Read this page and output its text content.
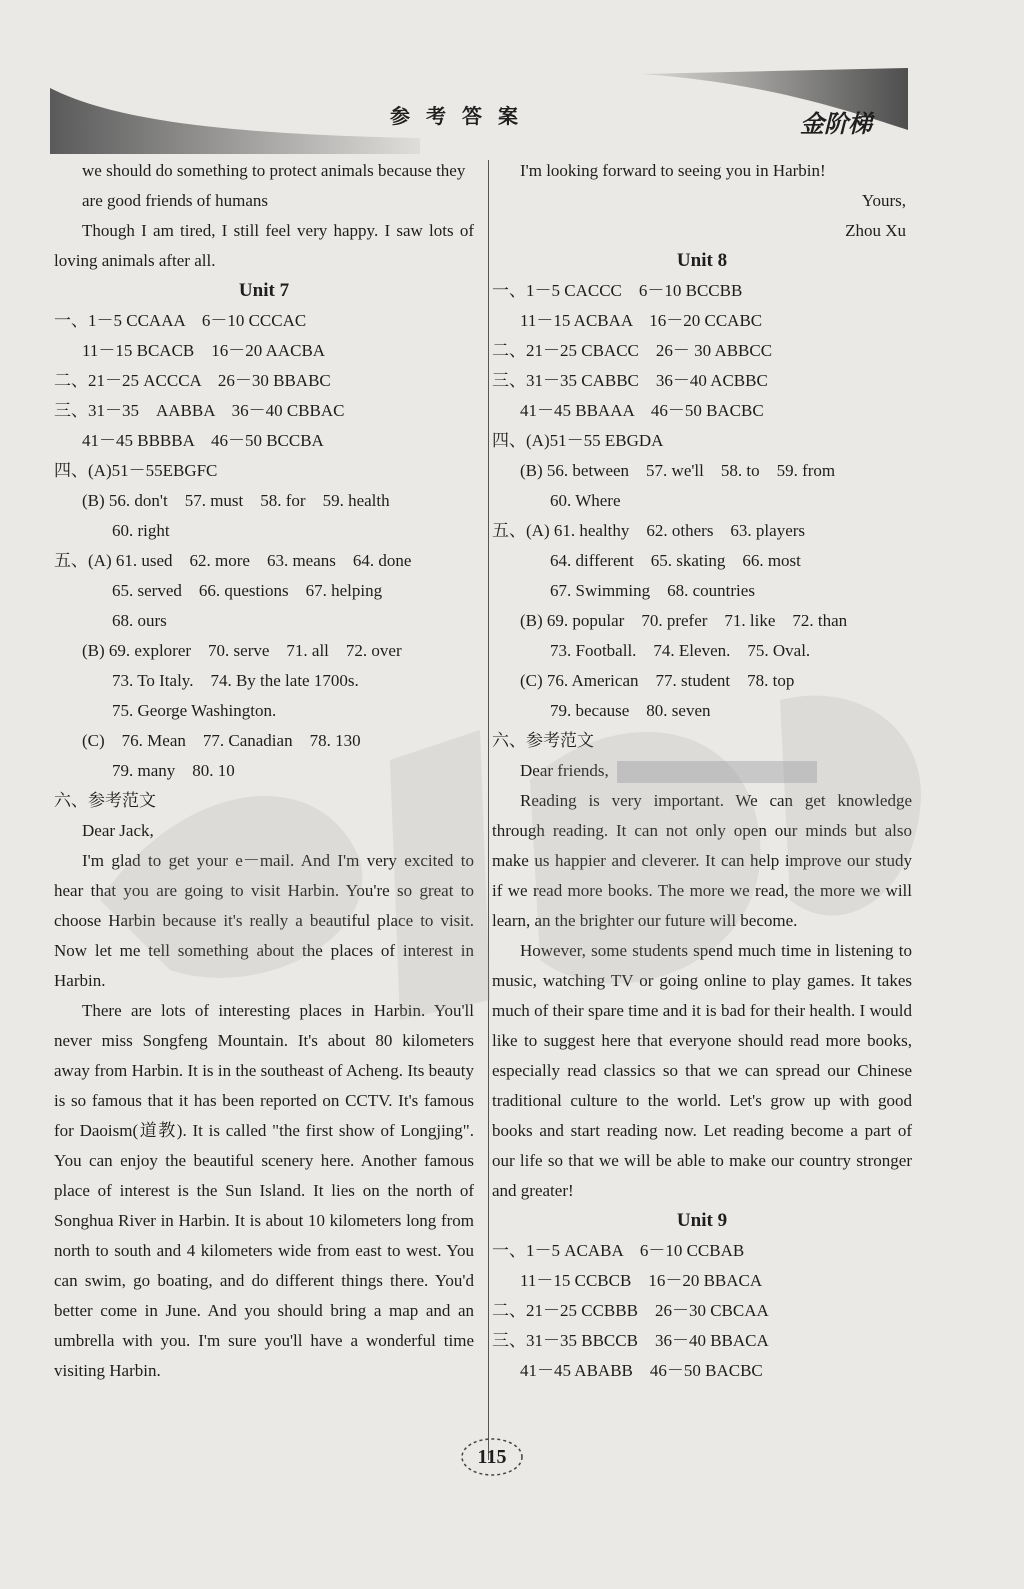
参考答案	金阶梯
we should do something to protect animals because they are good friends of humans
Though I am tired, I still feel very happy. I saw lots of loving animals after all.
Unit 7
一、1－5 CCAAA　6－10 CCCAC
11－15 BCACB　16－20 AACBA
二、21－25 ACCCA　26－30 BBABC
三、31－35　AABBA　36－40 CBBAC
41－45 BBBBA　46－50 BCCBA
四、(A)51－55EBGFC
(B) 56. don't　57. must　58. for　59. health
60. right
五、(A) 61. used　62. more　63. means　64. done
65. served　66. questions　67. helping
68. ours
(B) 69. explorer　70. serve　71. all　72. over
73. To Italy.　74. By the late 1700s.
75. George Washington.
(C)　76. Mean　77. Canadian　78. 130
79. many　80. 10
六、参考范文
Dear Jack,
I'm glad to get your e－mail. And I'm very excited to hear that you are going to visit Harbin. You're so great to choose Harbin because it's really a beautiful place to visit. Now let me tell something about the places of interest in Harbin.
There are lots of interesting places in Harbin. You'll never miss Songfeng Mountain. It's about 80 kilometers away from Harbin. It is in the southeast of Acheng. Its beauty is so famous that it has been reported on CCTV. It's famous for Daoism(道教). It is called "the first show of Longjing". You can enjoy the beautiful scenery here. Another famous place of interest is the Sun Island. It lies on the north of Songhua River in Harbin. It is about 10 kilometers long from north to south and 4 kilometers wide from east to west. You can swim, go boating, and do different things there. You'd better come in June. And you should bring a map and an umbrella with you. I'm sure you'll have a wonderful time visiting Harbin.
I'm looking forward to seeing you in Harbin!
Yours,
Zhou Xu
Unit 8
一、1－5 CACCC　6－10 BCCBB
11－15 ACBAA　16－20 CCABC
二、21－25 CBACC　26－ 30 ABBCC
三、31－35 CABBC　36－40 ACBBC
41－45 BBAAA　46－50 BACBC
四、(A)51－55 EBGDA
(B) 56. between　57. we'll　58. to　59. from
60. Where
五、(A) 61. healthy　62. others　63. players
64. different　65. skating　66. most
67. Swimming　68. countries
(B) 69. popular　70. prefer　71. like　72. than
73. Football.　74. Eleven.　75. Oval.
(C) 76. American　77. student　78. top
79. because　80. seven
六、参考范文
Dear friends,
Reading is very important. We can get knowledge through reading. It can not only open our minds but also make us happier and cleverer. It can help improve our study if we read more books. The more we read, the more we will learn, an the brighter our future will become.
However, some students spend much time in listening to music, watching TV or going online to play games. It takes much of their spare time and it is bad for their health. I would like to suggest here that everyone should read more books, especially read classics so that we can spread our Chinese traditional culture to the world. Let's grow up with good books and start reading now. Let reading become a part of our life so that we will be able to make our country stronger and greater!
Unit 9
一、1－5 ACABA　6－10 CCBAB
11－15 CCBCB　16－20 BBACA
二、21－25 CCBBB　26－30 CBCAA
三、31－35 BBCCB　36－40 BBACA
41－45 ABABB　46－50 BACBC
115
